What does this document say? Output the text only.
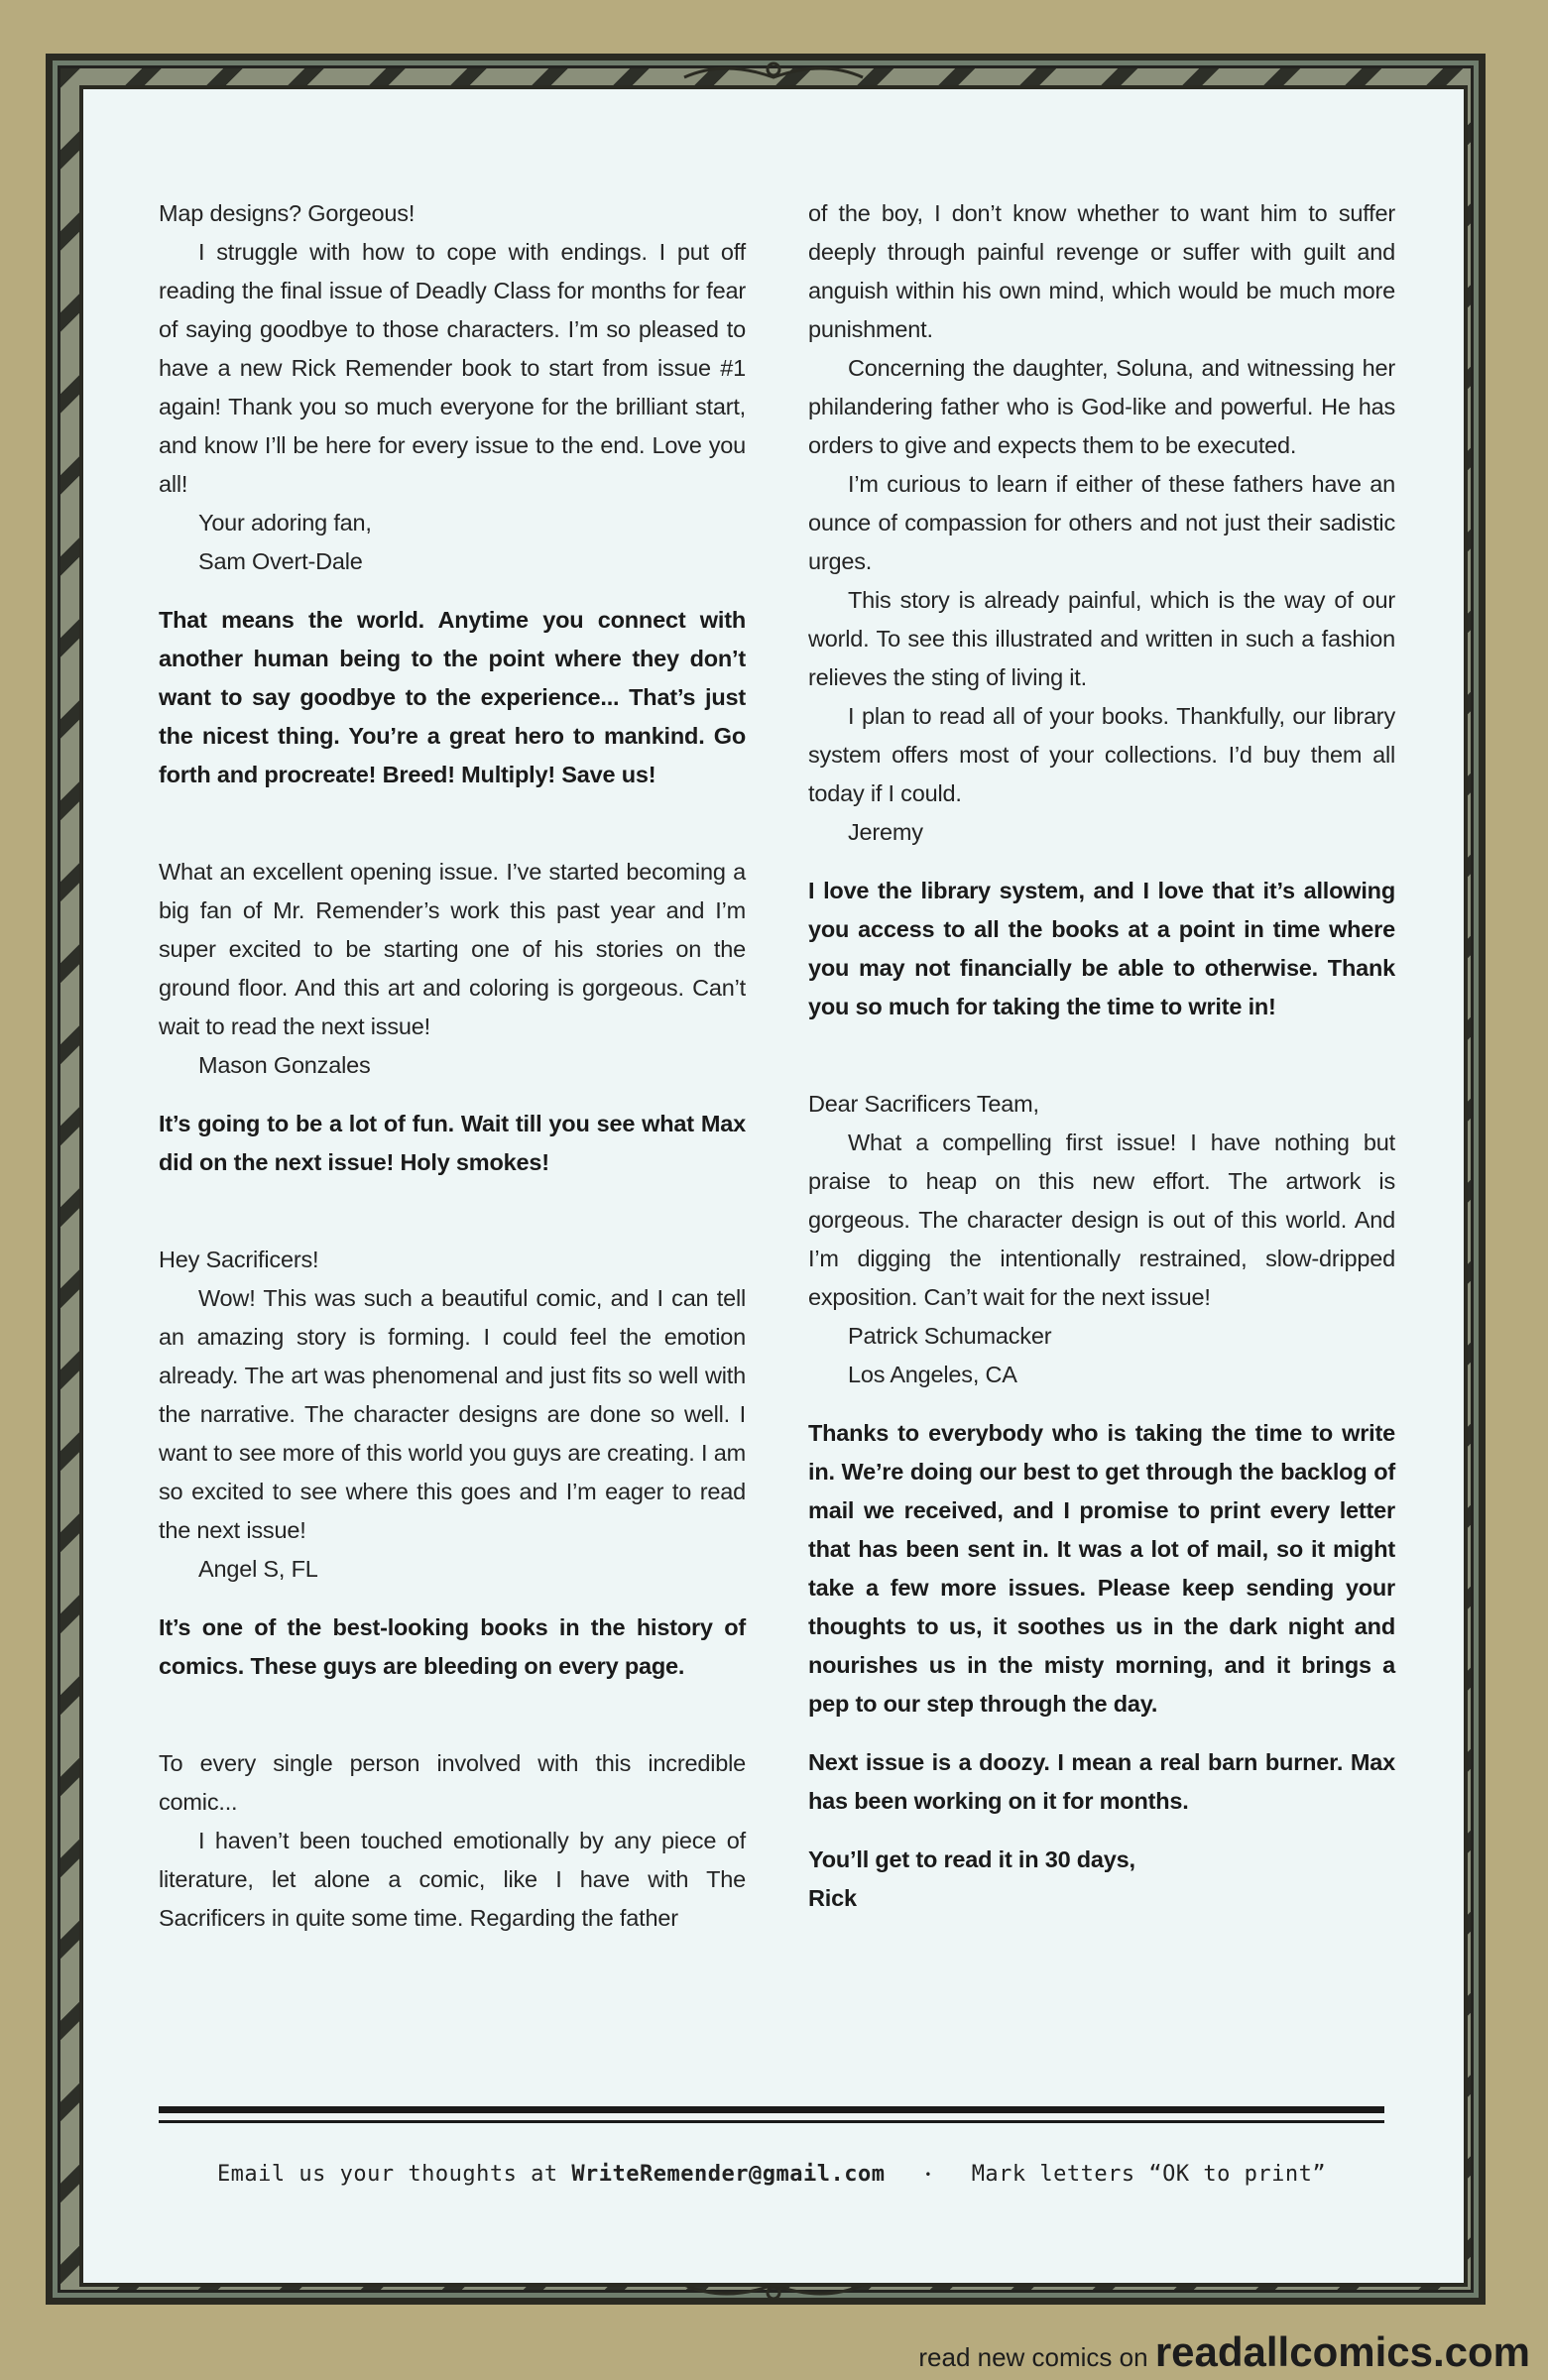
Map designs? Gorgeous!

I struggle with how to cope with endings. I put off reading the final issue of Deadly Class for months for fear of saying goodbye to those characters. I’m so pleased to have a new Rick Remender book to start from issue #1 again! Thank you so much everyone for the brilliant start, and know I’ll be here for every issue to the end. Love you all!

Your adoring fan,

Sam Overt-Dale

That means the world. Anytime you connect with another human being to the point where they don’t want to say goodbye to the experience... That’s just the nicest thing. You’re a great hero to mankind. Go forth and procreate! Breed! Multiply! Save us!

What an excellent opening issue. I’ve started becoming a big fan of Mr. Remender’s work this past year and I’m super excited to be starting one of his stories on the ground floor. And this art and coloring is gorgeous. Can’t wait to read the next issue!

Mason Gonzales

It’s going to be a lot of fun. Wait till you see what Max did on the next issue! Holy smokes!

Hey Sacrificers!

Wow! This was such a beautiful comic, and I can tell an amazing story is forming. I could feel the emotion already. The art was phenomenal and just fits so well with the narrative. The character designs are done so well. I want to see more of this world you guys are creating. I am so excited to see where this goes and I’m eager to read the next issue!

Angel S, FL

It’s one of the best-looking books in the history of comics. These guys are bleeding on every page.

To every single person involved with this incredible comic...

I haven’t been touched emotionally by any piece of literature, let alone a comic, like I have with The Sacrificers in quite some time. Regarding the father

of the boy, I don’t know whether to want him to suffer deeply through painful revenge or suffer with guilt and anguish within his own mind, which would be much more punishment.

Concerning the daughter, Soluna, and witnessing her philandering father who is God-like and powerful. He has orders to give and expects them to be executed.

I’m curious to learn if either of these fathers have an ounce of compassion for others and not just their sadistic urges.

This story is already painful, which is the way of our world. To see this illustrated and written in such a fashion relieves the sting of living it.

I plan to read all of your books. Thankfully, our library system offers most of your collections. I’d buy them all today if I could.

Jeremy

I love the library system, and I love that it’s allowing you access to all the books at a point in time where you may not financially be able to otherwise. Thank you so much for taking the time to write in!

Dear Sacrificers Team,

What a compelling first issue! I have nothing but praise to heap on this new effort. The artwork is gorgeous. The character design is out of this world. And I’m digging the intentionally restrained, slow-dripped exposition. Can’t wait for the next issue!

Patrick Schumacker

Los Angeles, CA

Thanks to everybody who is taking the time to write in. We’re doing our best to get through the backlog of mail we received, and I promise to print every letter that has been sent in. It was a lot of mail, so it might take a few more issues. Please keep sending your thoughts to us, it soothes us in the dark night and nourishes us in the misty morning, and it brings a pep to our step through the day.

Next issue is a doozy. I mean a real barn burner. Max has been working on it for months.

You’ll get to read it in 30 days,

Rick

Email us your thoughts at WriteRemender@gmail.com	• Mark letters “OK to print”
read new comics on readallcomics.com
